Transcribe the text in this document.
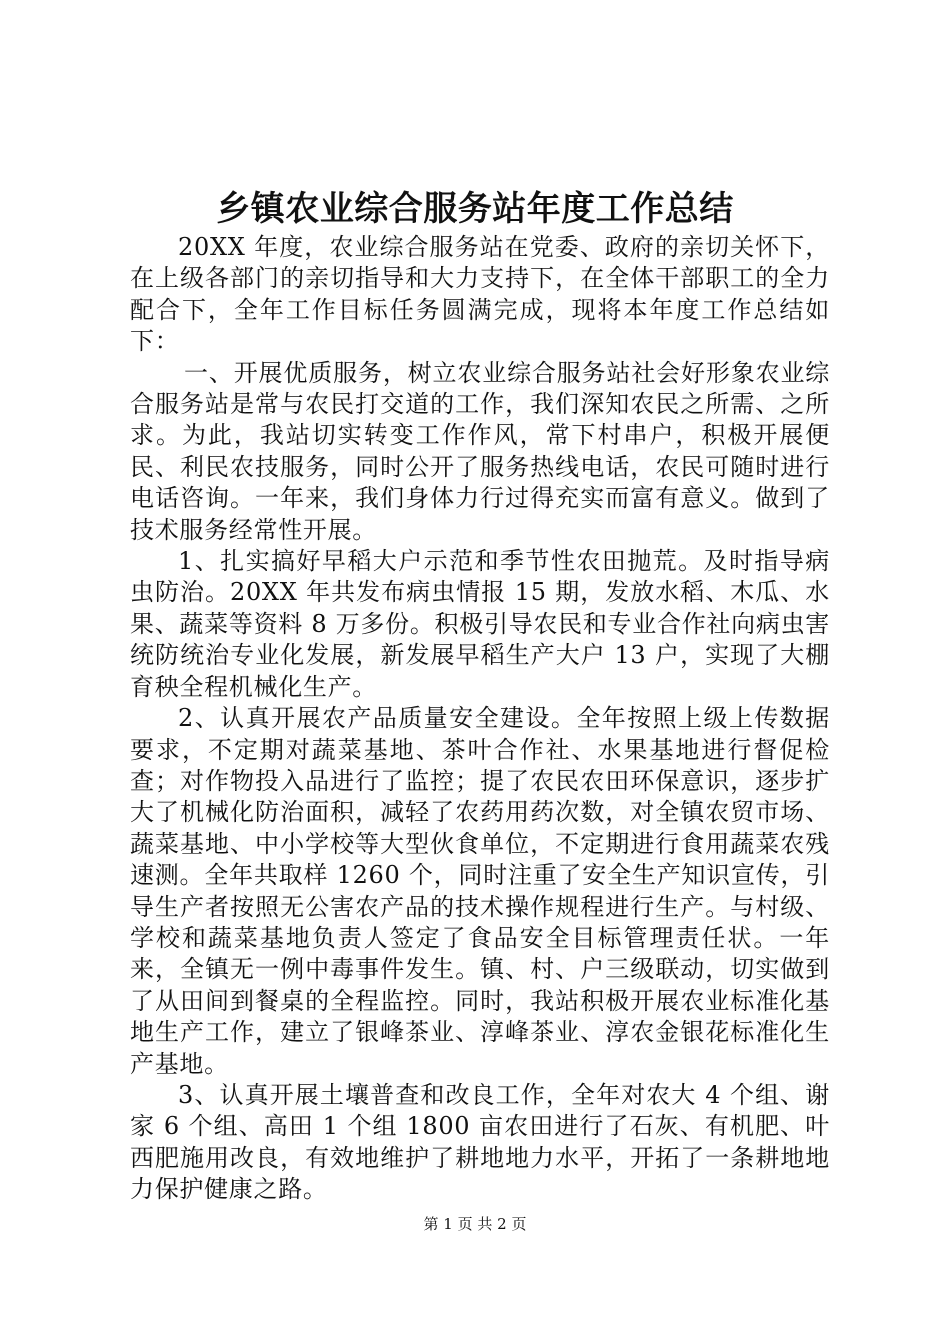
乡镇农业综合服务站年度工作总结

20XX 年度，农业综合服务站在党委、政府的亲切关怀下，在上级各部门的亲切指导和大力支持下，在全体干部职工的全力配合下，全年工作目标任务圆满完成，现将本年度工作总结如下：

一、开展优质服务，树立农业综合服务站社会好形象农业综合服务站是常与农民打交道的工作，我们深知农民之所需、之所求。为此，我站切实转变工作作风，常下村串户，积极开展便民、利民农技服务，同时公开了服务热线电话，农民可随时进行电话咨询。一年来，我们身体力行过得充实而富有意义。做到了技术服务经常性开展。

1、扎实搞好早稻大户示范和季节性农田抛荒。及时指导病虫防治。20XX 年共发布病虫情报 15 期，发放水稻、木瓜、水果、蔬菜等资料 8 万多份。积极引导农民和专业合作社向病虫害统防统治专业化发展，新发展早稻生产大户 13 户，实现了大棚育秧全程机械化生产。

2、认真开展农产品质量安全建设。全年按照上级上传数据要求，不定期对蔬菜基地、茶叶合作社、水果基地进行督促检查；对作物投入品进行了监控；提了农民农田环保意识，逐步扩大了机械化防治面积，减轻了农药用药次数，对全镇农贸市场、蔬菜基地、中小学校等大型伙食单位，不定期进行食用蔬菜农残速测。全年共取样 1260 个，同时注重了安全生产知识宣传，引导生产者按照无公害农产品的技术操作规程进行生产。与村级、学校和蔬菜基地负责人签定了食品安全目标管理责任状。一年来，全镇无一例中毒事件发生。镇、村、户三级联动，切实做到了从田间到餐桌的全程监控。同时，我站积极开展农业标准化基地生产工作，建立了银峰茶业、淳峰茶业、淳农金银花标准化生产基地。

3、认真开展土壤普查和改良工作，全年对农大 4 个组、谢家 6 个组、高田 1 个组 1800 亩农田进行了石灰、有机肥、叶西肥施用改良，有效地维护了耕地地力水平，开拓了一条耕地地力保护健康之路。

第 1 页 共 2 页
